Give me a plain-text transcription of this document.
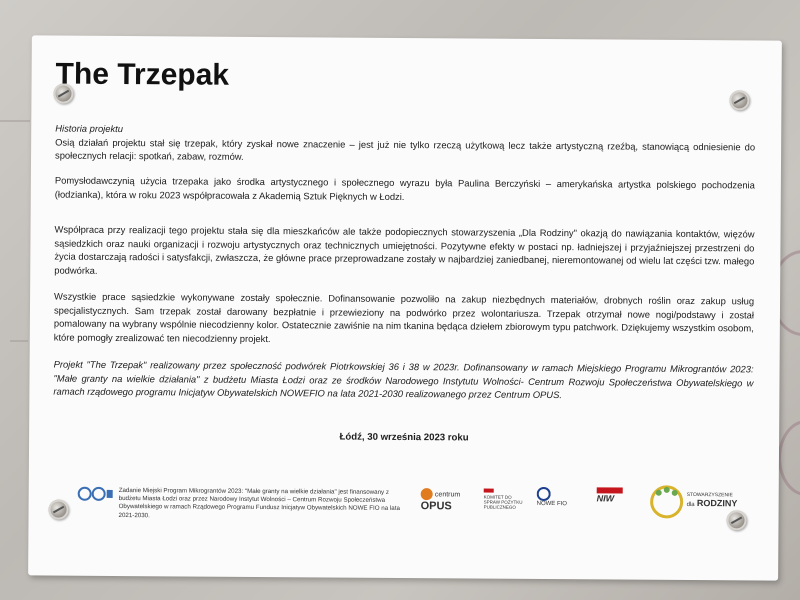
The Trzepak

Historia projektu

Osią działań projektu stał się trzepak, który zyskał nowe znaczenie – jest już nie tylko rzeczą użytkową lecz także artystyczną rzeźbą, stanowiącą odniesienie do społecznych relacji: spotkań, zabaw, rozmów.

Pomysłodawczynią użycia trzepaka jako środka artystycznego i społecznego wyrazu była Paulina Berczyński – amerykańska artystka polskiego pochodzenia (łodzianka), która w roku 2023 współpracowała z Akademią Sztuk Pięknych w Łodzi.

Współpraca przy realizacji tego projektu stała się dla mieszkańców ale także podopiecznych stowarzyszenia „Dla Rodziny" okazją do nawiązania kontaktów, więzów sąsiedzkich oraz nauki organizacji i rozwoju artystycznych oraz technicznych umiejętności. Pozytywne efekty w postaci np. ładniejszej i przyjaźniejszej przestrzeni do życia dostarczają radości i satysfakcji, zwłaszcza, że główne prace przeprowadzane zostały w najbardziej zaniedbanej, nieremontowanej od wielu lat części tzw. małego podwórka.

Wszystkie prace sąsiedzkie wykonywane zostały społecznie. Dofinansowanie pozwoliło na zakup niezbędnych materiałów, drobnych roślin oraz zakup usług specjalistycznych. Sam trzepak został darowany bezpłatnie i przewieziony na podwórko przez wolontariusza. Trzepak otrzymał nowe nogi/podstawy i został pomalowany na wybrany wspólnie niecodzienny kolor. Ostatecznie zawiśnie na nim tkanina będąca dziełem zbiorowym typu patchwork. Dziękujemy wszystkim osobom, które pomogły zrealizować ten niecodzienny projekt.

Projekt "The Trzepak" realizowany przez społeczność podwórek Piotrkowskiej 36 i 38 w 2023r. Dofinansowany w ramach Miejskiego Programu Mikrograntów 2023: "Małe granty na wielkie działania" z budżetu Miasta Łodzi oraz ze środków Narodowego Instytutu Wolności- Centrum Rozwoju Społeczeństwa Obywatelskiego w ramach rządowego programu Inicjatyw Obywatelskich NOWEFIO na lata 2021-2030 realizowanego przez Centrum OPUS.

Łódź, 30 września 2023 roku
Zadanie Miejski Program Mikrograntów 2023: "Małe granty na wielkie działania" jest finansowany z budżetu Miasta Łodzi oraz przez Narodowy Instytut Wolności – Centrum Rozwoju Społeczeństwa Obywatelskiego w ramach Rządowego Programu Fundusz Inicjatyw Obywatelskich NOWE FIO na lata 2021-2030.
centrum
OPUS
KOMITET DO SPRAW POŻYTKU PUBLICZNEGO

NOWE FIO
NIW	STOWARZYSZENIE
dla RODZINY
